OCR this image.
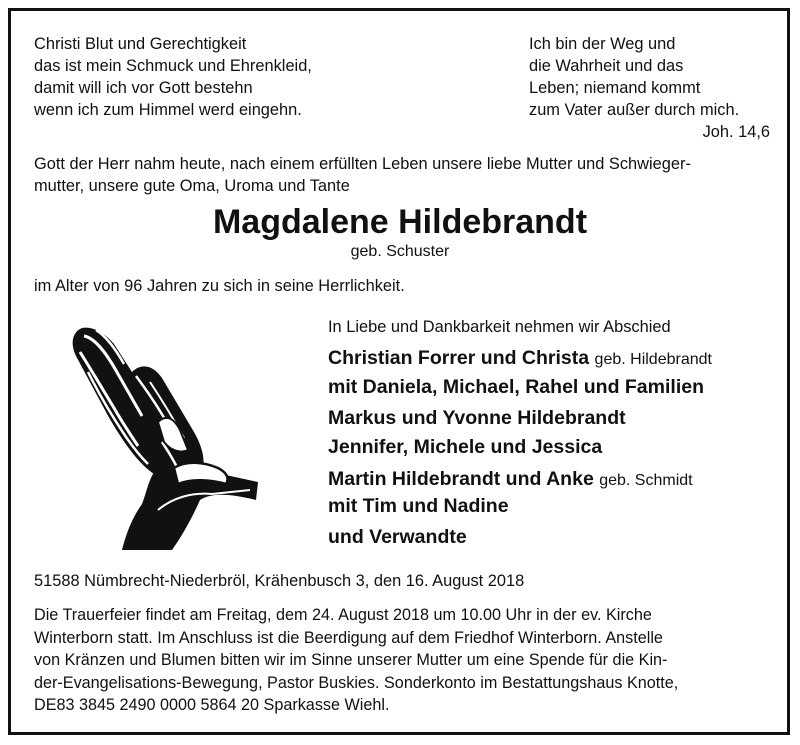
Christi Blut und Gerechtigkeit
das ist mein Schmuck und Ehrenkleid,
damit will ich vor Gott bestehn
wenn ich zum Himmel werd eingehn.
Ich bin der Weg und
die Wahrheit und das
Leben; niemand kommt
zum Vater außer durch mich.
Joh. 14,6
Gott der Herr nahm heute, nach einem erfüllten Leben unsere liebe Mutter und Schwieger-
mutter, unsere gute Oma, Uroma und Tante
Magdalene Hildebrandt
geb. Schuster
im Alter von 96 Jahren zu sich in seine Herrlichkeit.
In Liebe und Dankbarkeit nehmen wir Abschied
Christian Forrer und Christa geb. Hildebrandt
mit Daniela, Michael, Rahel und Familien
Markus und Yvonne Hildebrandt
Jennifer, Michele und Jessica
Martin Hildebrandt und Anke geb. Schmidt
mit Tim und Nadine
und Verwandte
51588 Nümbrecht-Niederbröl, Krähenbusch 3, den 16. August 2018
Die Trauerfeier findet am Freitag, dem 24. August 2018 um 10.00 Uhr in der ev. Kirche
Winterborn statt. Im Anschluss ist die Beerdigung auf dem Friedhof Winterborn. Anstelle
von Kränzen und Blumen bitten wir im Sinne unserer Mutter um eine Spende für die Kin-
der-Evangelisations-Bewegung, Pastor Buskies. Sonderkonto im Bestattungshaus Knotte,
DE83 3845 2490 0000 5864 20 Sparkasse Wiehl.
